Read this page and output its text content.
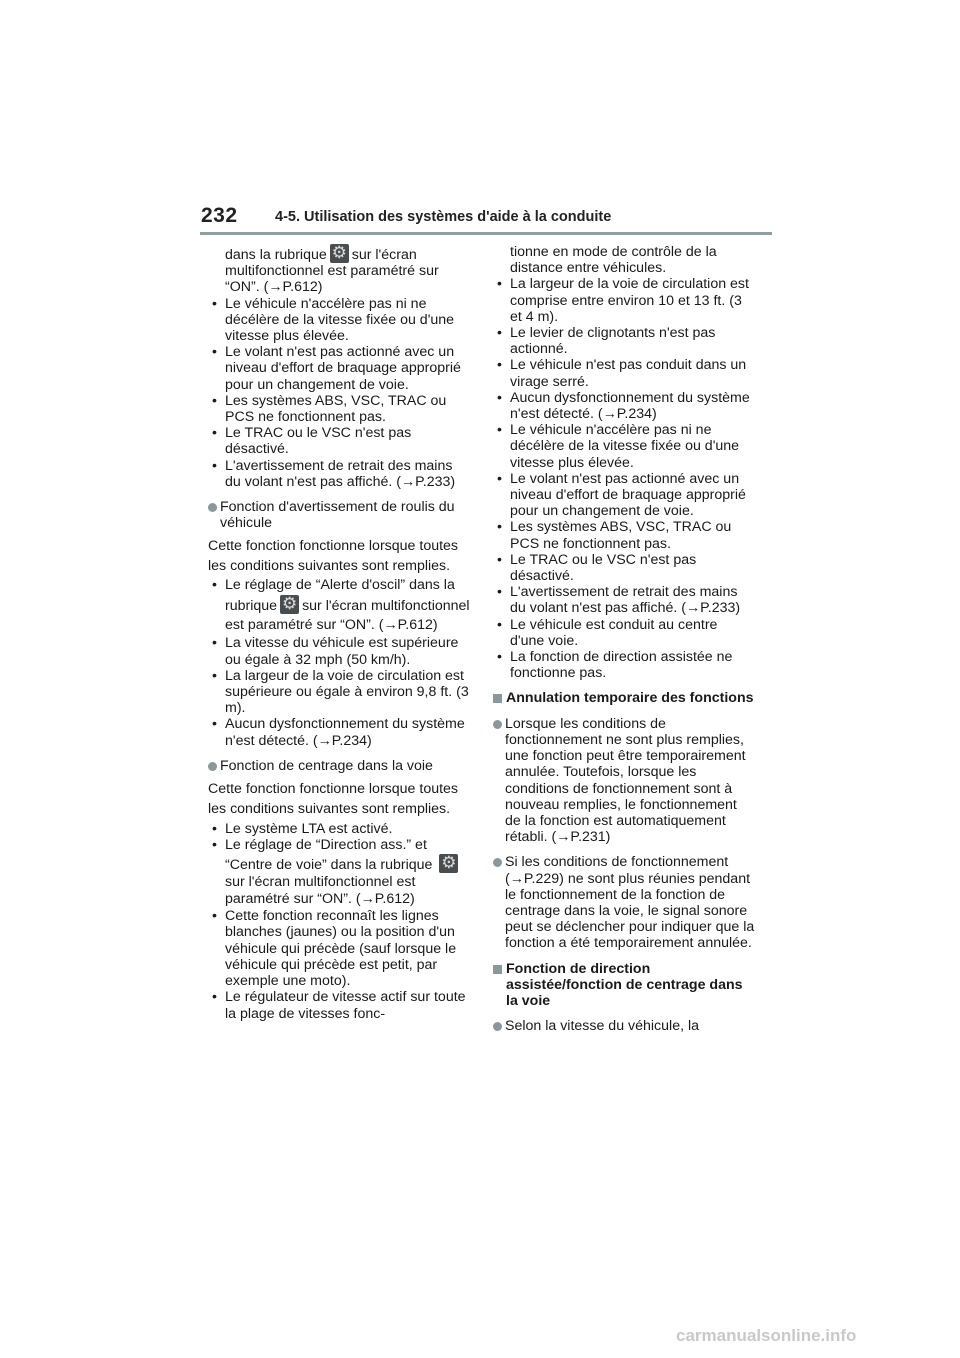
232	4-5. Utilisation des systèmes d'aide à la conduite
dans la rubrique ⚙ sur l'écran multifonctionnel est paramétré sur “ON”. (→P.612)
• Le véhicule n'accélère pas ni ne décélère de la vitesse fixée ou d'une vitesse plus élevée.
• Le volant n'est pas actionné avec un niveau d'effort de braquage approprié pour un changement de voie.
• Les systèmes ABS, VSC, TRAC ou PCS ne fonctionnent pas.
• Le TRAC ou le VSC n'est pas désactivé.
• L'avertissement de retrait des mains du volant n'est pas affiché. (→P.233)
Fonction d'avertissement de roulis du véhicule
Cette fonction fonctionne lorsque toutes les conditions suivantes sont remplies.
• Le réglage de “Alerte d'oscil” dans la rubrique ⚙ sur l'écran multifonctionnel est paramétré sur “ON”. (→P.612)
• La vitesse du véhicule est supérieure ou égale à 32 mph (50 km/h).
• La largeur de la voie de circulation est supérieure ou égale à environ 9,8 ft. (3 m).
• Aucun dysfonctionnement du système n'est détecté. (→P.234)
Fonction de centrage dans la voie
Cette fonction fonctionne lorsque toutes les conditions suivantes sont remplies.
• Le système LTA est activé.
• Le réglage de “Direction ass.” et “Centre de voie” dans la rubrique ⚙sur l'écran multifonctionnel est paramétré sur “ON”. (→P.612)
• Cette fonction reconnaît les lignes blanches (jaunes) ou la position d'un véhicule qui précède (sauf lorsque le véhicule qui précède est petit, par exemple une moto).
• Le régulateur de vitesse actif sur toute la plage de vitesses fonc-
tionne en mode de contrôle de la distance entre véhicules.
• La largeur de la voie de circulation est comprise entre environ 10 et 13 ft. (3 et 4 m).
• Le levier de clignotants n'est pas actionné.
• Le véhicule n'est pas conduit dans un virage serré.
• Aucun dysfonctionnement du système n'est détecté. (→P.234)
• Le véhicule n'accélère pas ni ne décélère de la vitesse fixée ou d'une vitesse plus élevée.
• Le volant n'est pas actionné avec un niveau d'effort de braquage approprié pour un changement de voie.
• Les systèmes ABS, VSC, TRAC ou PCS ne fonctionnent pas.
• Le TRAC ou le VSC n'est pas désactivé.
• L'avertissement de retrait des mains du volant n'est pas affiché. (→P.233)
• Le véhicule est conduit au centre d'une voie.
• La fonction de direction assistée ne fonctionne pas.
Annulation temporaire des fonctions
Lorsque les conditions de fonctionnement ne sont plus remplies, une fonction peut être temporairement annulée. Toutefois, lorsque les conditions de fonctionnement sont à nouveau remplies, le fonctionnement de la fonction est automatiquement rétabli. (→P.231)
Si les conditions de fonctionnement (→P.229) ne sont plus réunies pendant le fonctionnement de la fonction de centrage dans la voie, le signal sonore peut se déclencher pour indiquer que la fonction a été temporairement annulée.
Fonction de direction assistée/fonction de centrage dans la voie
Selon la vitesse du véhicule, la
carmanualsonline.info
